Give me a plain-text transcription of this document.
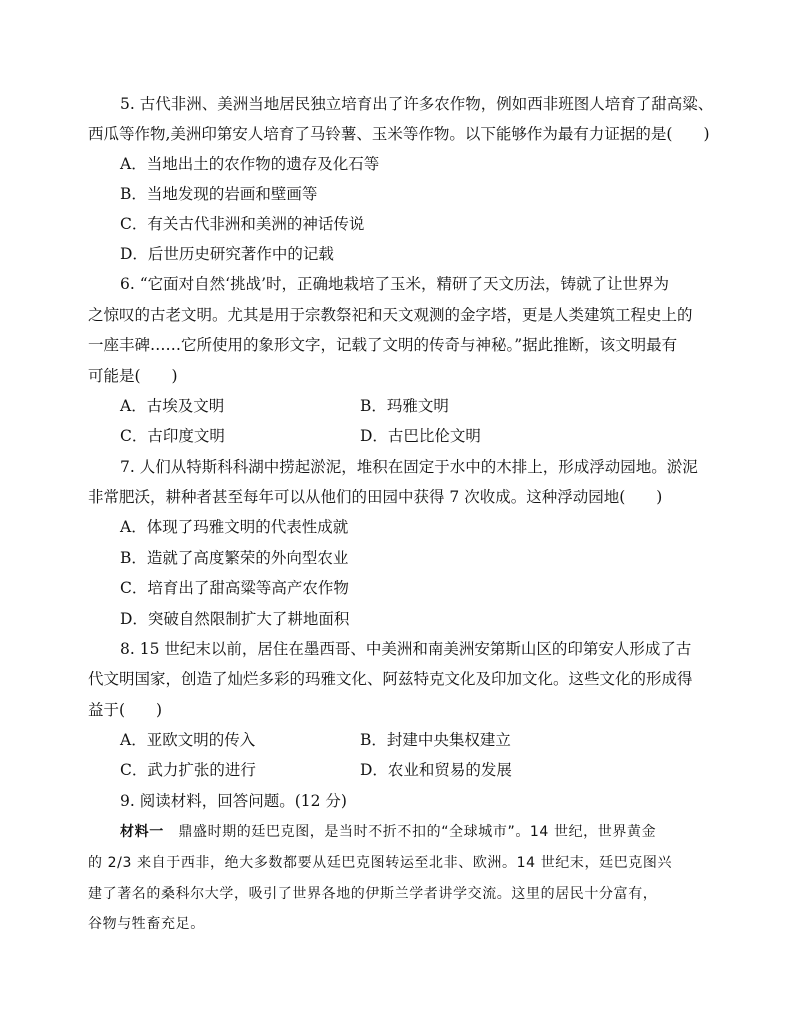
5. 古代非洲、美洲当地居民独立培育出了许多农作物，例如西非班图人培育了甜高粱、
西瓜等作物,美洲印第安人培育了马铃薯、玉米等作物。以下能够作为最有力证据的是(　　)
A．当地出土的农作物的遗存及化石等
B．当地发现的岩画和壁画等
C．有关古代非洲和美洲的神话传说
D．后世历史研究著作中的记载
6. “它面对自然‘挑战’时，正确地栽培了玉米，精研了天文历法，铸就了让世界为
之惊叹的古老文明。尤其是用于宗教祭祀和天文观测的金字塔，更是人类建筑工程史上的
一座丰碑……它所使用的象形文字，记载了文明的传奇与神秘。”据此推断，该文明最有
可能是(　　)
A．古埃及文明	B．玛雅文明
C．古印度文明	D．古巴比伦文明
7. 人们从特斯科科湖中捞起淤泥，堆积在固定于水中的木排上，形成浮动园地。淤泥
非常肥沃，耕种者甚至每年可以从他们的田园中获得 7 次收成。这种浮动园地(　　)
A．体现了玛雅文明的代表性成就
B．造就了高度繁荣的外向型农业
C．培育出了甜高粱等高产农作物
D．突破自然限制扩大了耕地面积
8. 15 世纪末以前，居住在墨西哥、中美洲和南美洲安第斯山区的印第安人形成了古
代文明国家，创造了灿烂多彩的玛雅文化、阿兹特克文化及印加文化。这些文化的形成得
益于(　　)
A．亚欧文明的传入	B．封建中央集权建立
C．武力扩张的进行	D．农业和贸易的发展
9. 阅读材料，回答问题。(12 分)
材料一　鼎盛时期的廷巴克图，是当时不折不扣的“全球城市”。14 世纪，世界黄金
的 2/3 来自于西非，绝大多数都要从廷巴克图转运至北非、欧洲。14 世纪末，廷巴克图兴
建了著名的桑科尔大学，吸引了世界各地的伊斯兰学者讲学交流。这里的居民十分富有，
谷物与牲畜充足。
